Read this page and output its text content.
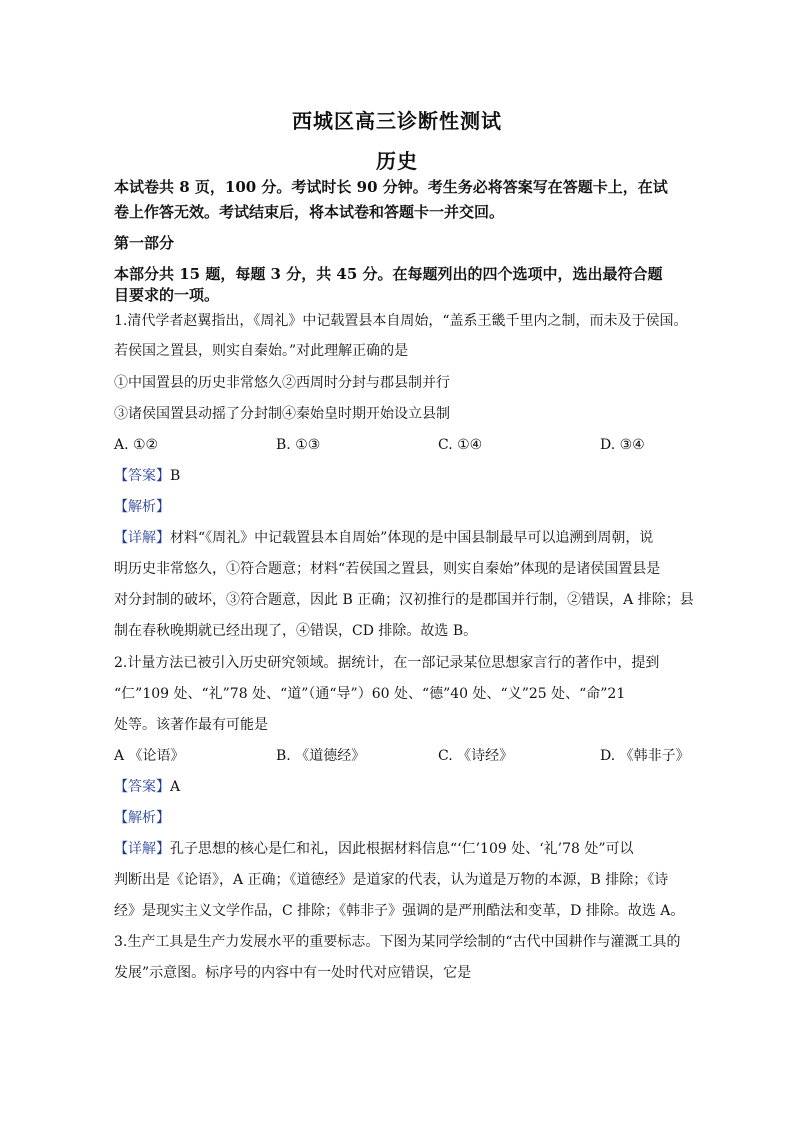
西城区高三诊断性测试
历史
本试卷共 8 页，100 分。考试时长 90 分钟。考生务必将答案写在答题卡上，在试
卷上作答无效。考试结束后，将本试卷和答题卡一并交回。
第一部分
本部分共 15 题，每题 3 分，共 45 分。在每题列出的四个选项中，选出最符合题
目要求的一项。
1.清代学者赵翼指出，《周礼》中记载置县本自周始，“盖系王畿千里内之制，而未及于侯国。
若侯国之置县，则实自秦始。”对此理解正确的是
①中国置县的历史非常悠久②西周时分封与郡县制并行
③诸侯国置县动摇了分封制④秦始皇时期开始设立县制
A. ①②	B. ①③	C. ①④	D. ③④
【答案】B
【解析】
【详解】材料“《周礼》中记载置县本自周始”体现的是中国县制最早可以追溯到周朝，说
明历史非常悠久，①符合题意；材料“若侯国之置县，则实自秦始”体现的是诸侯国置县是
对分封制的破坏，③符合题意，因此 B 正确；汉初推行的是郡国并行制，②错误，A 排除；县
制在春秋晚期就已经出现了，④错误，CD 排除。故选 B。
2.计量方法已被引入历史研究领域。据统计，在一部记录某位思想家言行的著作中，提到
“仁”109 处、“礼”78 处、“道”（通“导”）60 处、“德”40 处、“义”25 处、“命”21
处等。该著作最有可能是
A 《论语》	B. 《道德经》	C. 《诗经》	D. 《韩非子》
【答案】A
【解析】
【详解】孔子思想的核心是仁和礼，因此根据材料信息“‘仁’109 处、‘礼’78 处”可以
判断出是《论语》，A 正确；《道德经》是道家的代表，认为道是万物的本源，B 排除；《诗
经》是现实主义文学作品，C 排除；《韩非子》强调的是严刑酷法和变革，D 排除。故选 A。
3.生产工具是生产力发展水平的重要标志。下图为某同学绘制的“古代中国耕作与灌溉工具的
发展”示意图。标序号的内容中有一处时代对应错误，它是
